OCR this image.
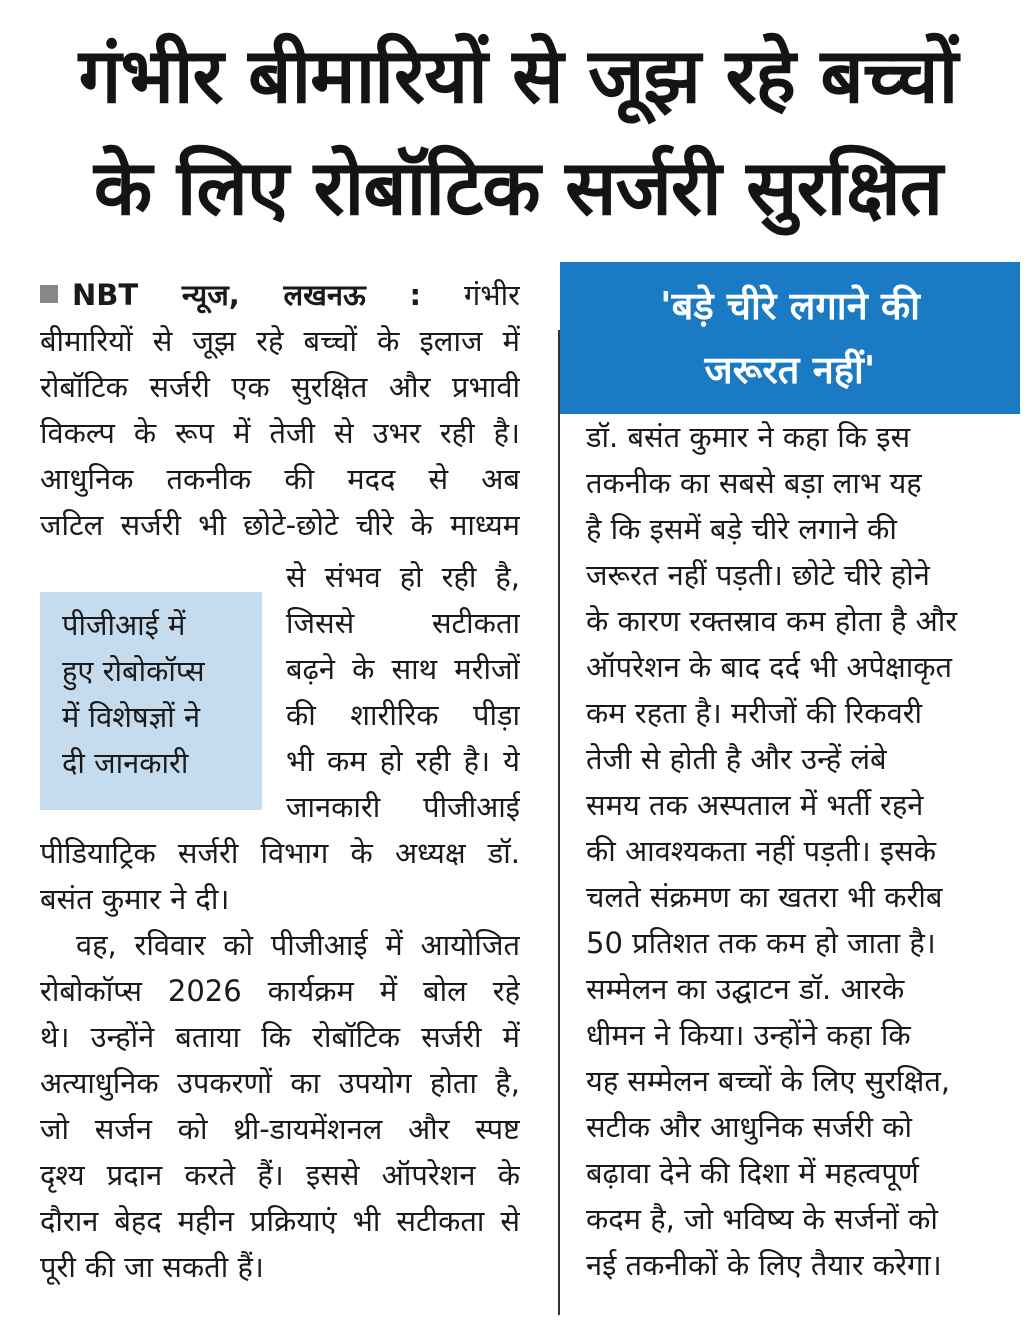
गंभीर बीमारियों से जूझ रहे बच्चों
के लिए रोबॉटिक सर्जरी सुरक्षित
NBT न्यूज, लखनऊ : गंभीर
बीमारियों से जूझ रहे बच्चों के इलाज में
रोबॉटिक सर्जरी एक सुरक्षित और प्रभावी
विकल्प के रूप में तेजी से उभर रही है।
आधुनिक तकनीक की मदद से अब
जटिल सर्जरी भी छोटे-छोटे चीरे के माध्यम
से संभव हो रही है,
जिससे सटीकता
बढ़ने के साथ मरीजों
की शारीरिक पीड़ा
भी कम हो रही है। ये
जानकारी पीजीआई
पीजीआई में
हुए रोबोकॉप्स
में विशेषज्ञों ने
दी जानकारी
पीडियाट्रिक सर्जरी विभाग के अध्यक्ष डॉ.
बसंत कुमार ने दी।
वह, रविवार को पीजीआई में आयोजित
रोबोकॉप्स 2026 कार्यक्रम में बोल रहे
थे। उन्होंने बताया कि रोबॉटिक सर्जरी में
अत्याधुनिक उपकरणों का उपयोग होता है,
जो सर्जन को थ्री-डायमेंशनल और स्पष्ट
दृश्य प्रदान करते हैं। इससे ऑपरेशन के
दौरान बेहद महीन प्रक्रियाएं भी सटीकता से
पूरी की जा सकती हैं।
'बड़े चीरे लगाने की
जरूरत नहीं'
डॉ. बसंत कुमार ने कहा कि इस
तकनीक का सबसे बड़ा लाभ यह
है कि इसमें बड़े चीरे लगाने की
जरूरत नहीं पड़ती। छोटे चीरे होने
के कारण रक्तस्राव कम होता है और
ऑपरेशन के बाद दर्द भी अपेक्षाकृत
कम रहता है। मरीजों की रिकवरी
तेजी से होती है और उन्हें लंबे
समय तक अस्पताल में भर्ती रहने
की आवश्यकता नहीं पड़ती। इसके
चलते संक्रमण का खतरा भी करीब
50 प्रतिशत तक कम हो जाता है।
सम्मेलन का उद्घाटन डॉ. आरके
धीमन ने किया। उन्होंने कहा कि
यह सम्मेलन बच्चों के लिए सुरक्षित,
सटीक और आधुनिक सर्जरी को
बढ़ावा देने की दिशा में महत्वपूर्ण
कदम है, जो भविष्य के सर्जनों को
नई तकनीकों के लिए तैयार करेगा।
